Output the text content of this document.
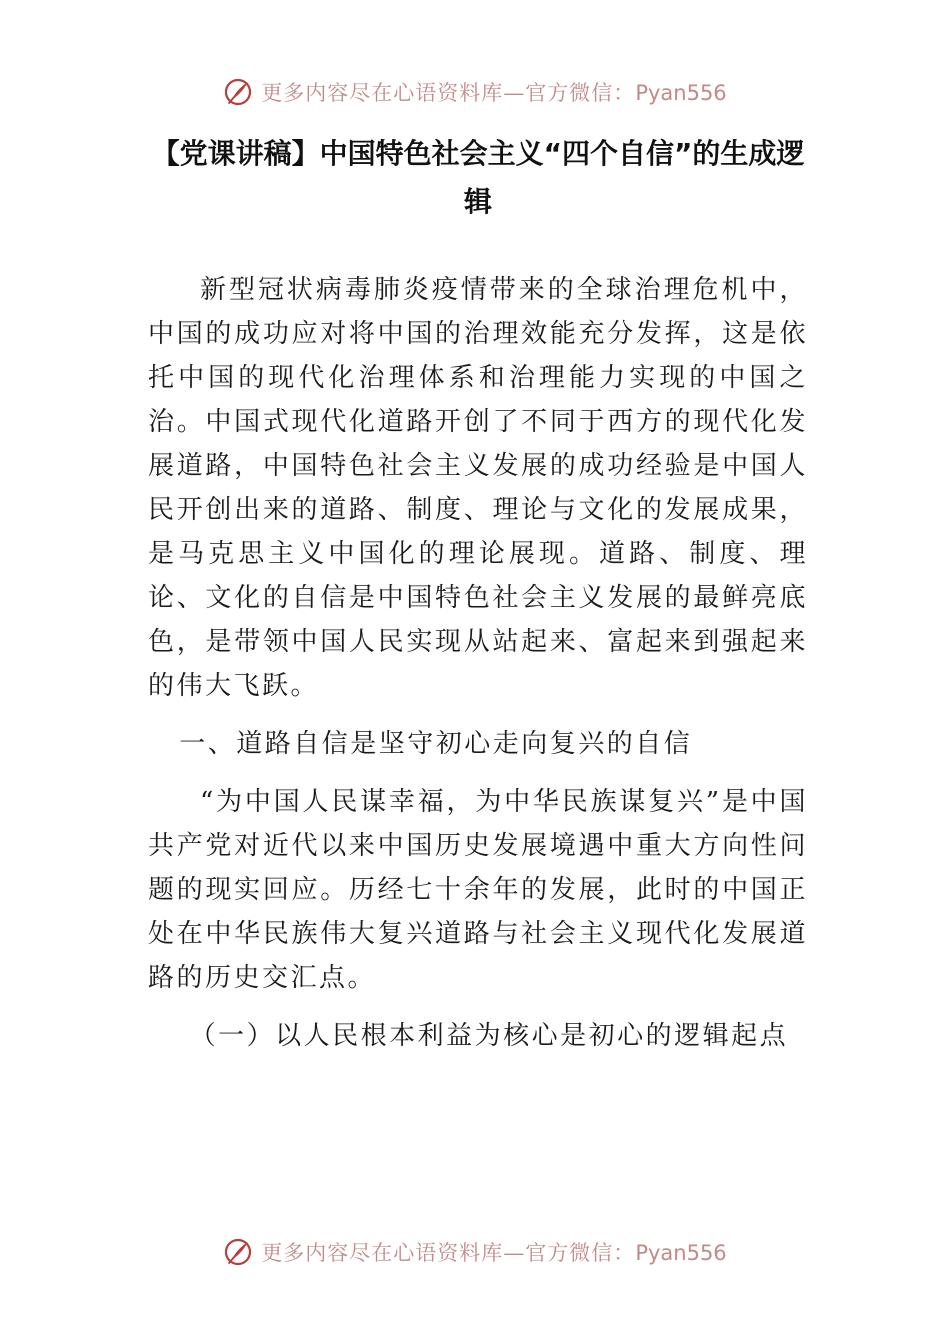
更多内容尽在心语资料库—官方微信：Pyan556
【党课讲稿】中国特色社会主义“四个自信”的生成逻辑

新型冠状病毒肺炎疫情带来的全球治理危机中，中国的成功应对将中国的治理效能充分发挥，这是依托中国的现代化治理体系和治理能力实现的中国之治。中国式现代化道路开创了不同于西方的现代化发展道路，中国特色社会主义发展的成功经验是中国人民开创出来的道路、制度、理论与文化的发展成果，是马克思主义中国化的理论展现。道路、制度、理论、文化的自信是中国特色社会主义发展的最鲜亮底色，是带领中国人民实现从站起来、富起来到强起来的伟大飞跃。

一、道路自信是坚守初心走向复兴的自信

“为中国人民谋幸福，为中华民族谋复兴”是中国共产党对近代以来中国历史发展境遇中重大方向性问题的现实回应。历经七十余年的发展，此时的中国正处在中华民族伟大复兴道路与社会主义现代化发展道路的历史交汇点。

（一）以人民根本利益为核心是初心的逻辑起点

更多内容尽在心语资料库—官方微信：Pyan556
